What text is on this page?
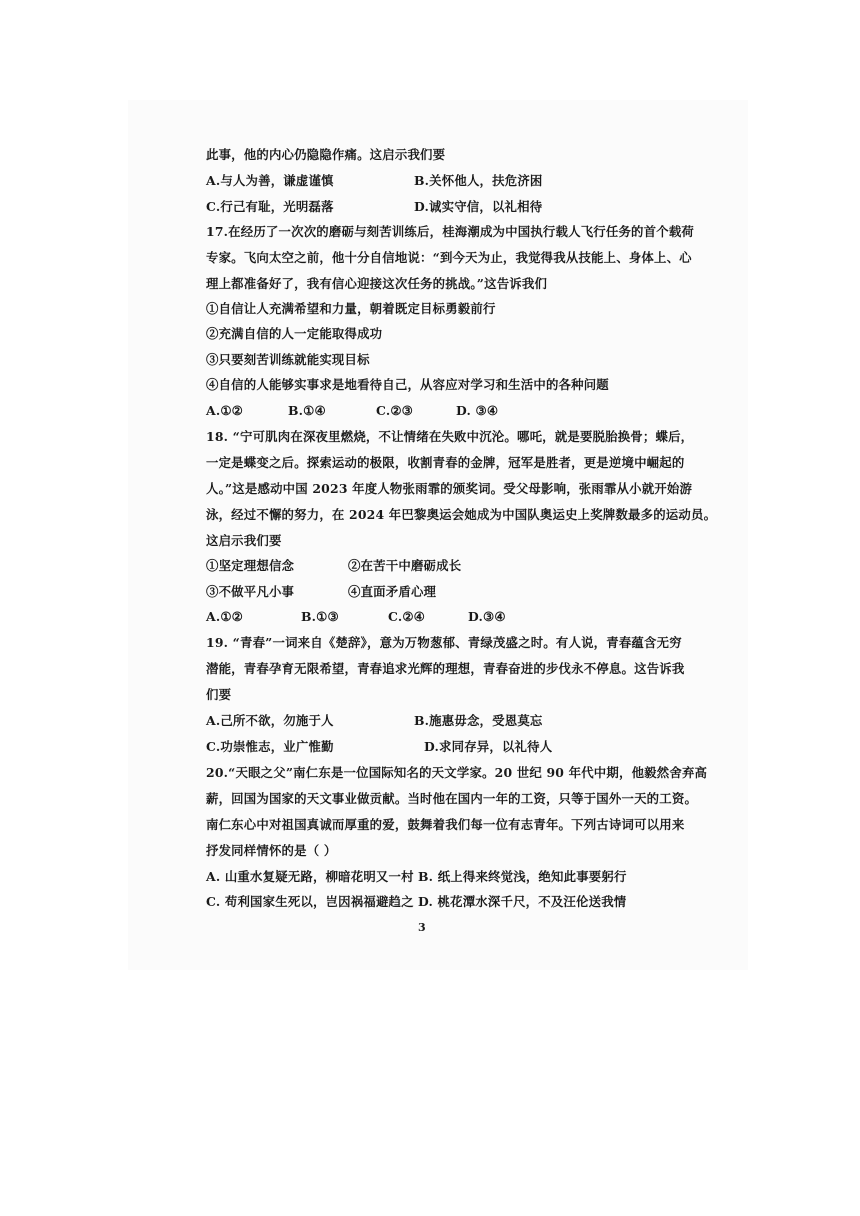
此事，他的内心仍隐隐作痛。这启示我们要
A.与人为善，谦虚谨慎	B.关怀他人，扶危济困
C.行己有耻，光明磊落	D.诚实守信，以礼相待
17.在经历了一次次的磨砺与刻苦训练后，桂海潮成为中国执行载人飞行任务的首个载荷
专家。飞向太空之前，他十分自信地说：“到今天为止，我觉得我从技能上、身体上、心
理上都准备好了，我有信心迎接这次任务的挑战。”这告诉我们
①自信让人充满希望和力量，朝着既定目标勇毅前行
②充满自信的人一定能取得成功
③只要刻苦训练就能实现目标
④自信的人能够实事求是地看待自己，从容应对学习和生活中的各种问题
A.①②	B.①④	C.②③	D. ③④
18. “宁可肌肉在深夜里燃烧，不让情绪在失败中沉沦。哪吒，就是要脱胎换骨；蝶后，
一定是蝶变之后。探索运动的极限，收割青春的金牌，冠军是胜者，更是逆境中崛起的
人。”这是感动中国 2023 年度人物张雨霏的颁奖词。受父母影响，张雨霏从小就开始游
泳，经过不懈的努力，在 2024 年巴黎奥运会她成为中国队奥运史上奖牌数最多的运动员。
这启示我们要
①坚定理想信念	②在苦干中磨砺成长
③不做平凡小事	④直面矛盾心理
A.①②	B.①③	C.②④	D.③④
19. “青春”一词来自《楚辞》，意为万物葱郁、青绿茂盛之时。有人说，青春蕴含无穷
潜能，青春孕育无限希望，青春追求光辉的理想，青春奋进的步伐永不停息。这告诉我
们要
A.己所不欲，勿施于人	B.施惠毋念，受恩莫忘
C.功崇惟志，业广惟勤	D.求同存异，以礼待人
20.“天眼之父”南仁东是一位国际知名的天文学家。20 世纪 90 年代中期，他毅然舍弃高
薪，回国为国家的天文事业做贡献。当时他在国内一年的工资，只等于国外一天的工资。
南仁东心中对祖国真诚而厚重的爱，鼓舞着我们每一位有志青年。下列古诗词可以用来
抒发同样情怀的是（ ）
A. 山重水复疑无路，柳暗花明又一村 B. 纸上得来终觉浅，绝知此事要躬行
C. 苟利国家生死以，岂因祸福避趋之 D. 桃花潭水深千尺，不及汪伦送我情
3
